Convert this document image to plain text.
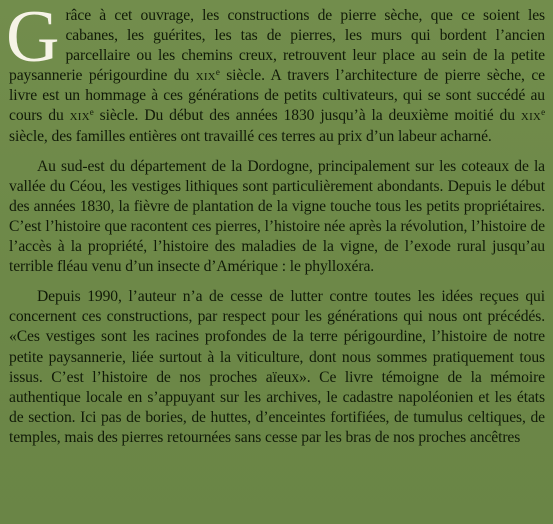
G râce à cet ouvrage, les constructions de pierre sèche, que ce soient les cabanes, les guérites, les tas de pierres, les murs qui bordent l’ancien parcellaire ou les chemins creux, retrouvent leur place au sein de la petite paysannerie périgourdine du xix$^e$ siècle. A travers l’architecture de pierre sèche, ce livre est un hommage à ces générations de petits cultivateurs, qui se sont succédé au cours du xix$^e$ siècle. Du début des années 1830 jusqu’à la deuxième moitié du xix$^e$ siècle, des familles entières ont travaillé ces terres au prix d’un labeur acharné.

Au sud-est du département de la Dordogne, principalement sur les coteaux de la vallée du Céou, les vestiges lithiques sont particulièrement abondants. Depuis le début des années 1830, la fièvre de plantation de la vigne touche tous les petits propriétaires. C’est l’histoire que racontent ces pierres, l’histoire née après la révolution, l’histoire de l’accès à la propriété, l’histoire des maladies de la vigne, de l’exode rural jusqu’au terrible fléau venu d’un insecte d’Amérique : le phylloxéra.

Depuis 1990, l’auteur n’a de cesse de lutter contre toutes les idées reçues qui concernent ces constructions, par respect pour les générations qui nous ont précédés. «Ces vestiges sont les racines profondes de la terre périgourdine, l’histoire de notre petite paysannerie, liée surtout à la viticulture, dont nous sommes pratiquement tous issus. C’est l’histoire de nos proches aïeux». Ce livre témoigne de la mémoire authentique locale en s’appuyant sur les archives, le cadastre napoléonien et les états de section. Ici pas de bories, de huttes, d’enceintes fortifiées, de tumulus celtiques, de temples, mais des pierres retournées sans cesse par les bras de nos proches ancêtres
